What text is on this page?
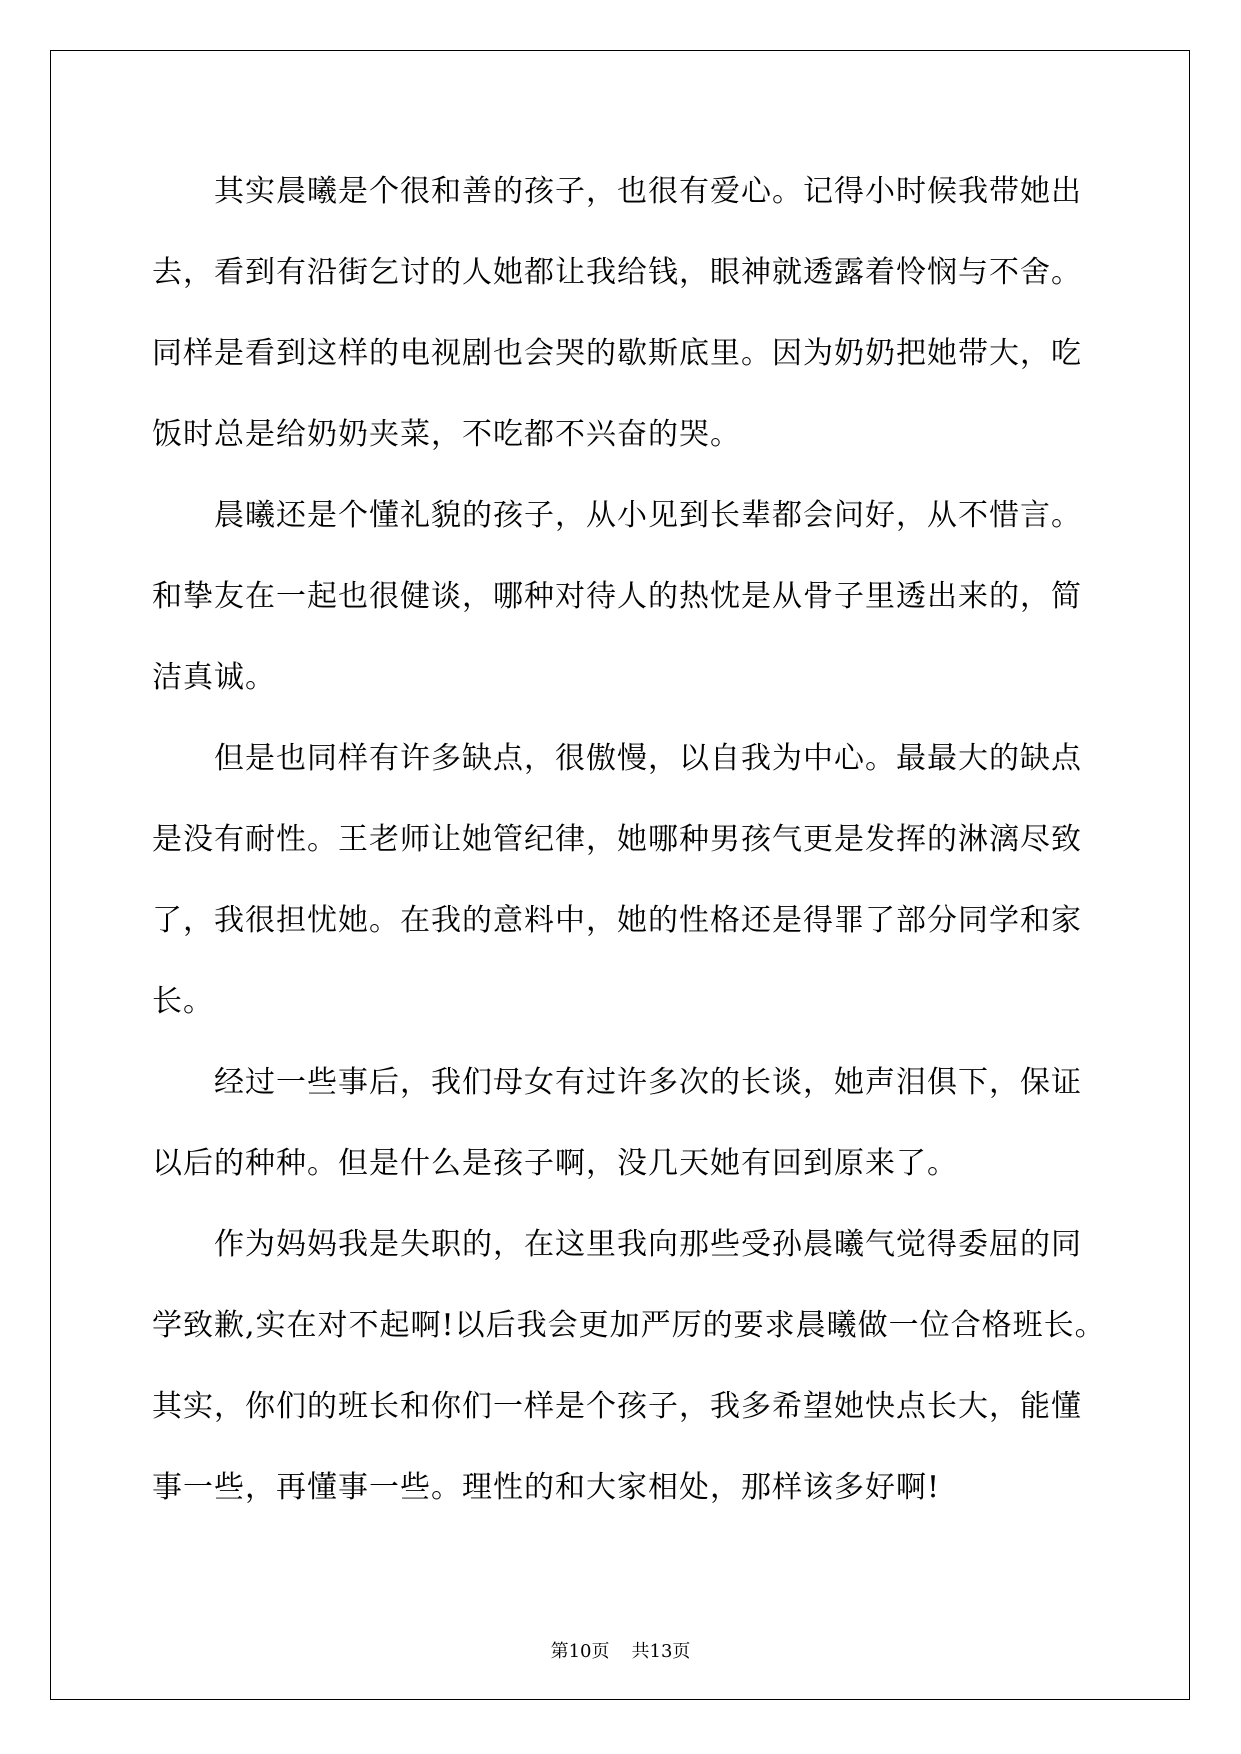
其实晨曦是个很和善的孩子，也很有爱心。记得小时候我带她出
去，看到有沿街乞讨的人她都让我给钱，眼神就透露着怜悯与不舍。
同样是看到这样的电视剧也会哭的歇斯底里。因为奶奶把她带大，吃
饭时总是给奶奶夹菜，不吃都不兴奋的哭。
晨曦还是个懂礼貌的孩子，从小见到长辈都会问好，从不惜言。
和挚友在一起也很健谈，哪种对待人的热忱是从骨子里透出来的，简
洁真诚。
但是也同样有许多缺点，很傲慢，以自我为中心。最最大的缺点
是没有耐性。王老师让她管纪律，她哪种男孩气更是发挥的淋漓尽致
了，我很担忧她。在我的意料中，她的性格还是得罪了部分同学和家
长。
经过一些事后，我们母女有过许多次的长谈，她声泪俱下，保证
以后的种种。但是什么是孩子啊，没几天她有回到原来了。
作为妈妈我是失职的，在这里我向那些受孙晨曦气觉得委屈的同
学致歉,实在对不起啊!以后我会更加严厉的要求晨曦做一位合格班长。
其实，你们的班长和你们一样是个孩子，我多希望她快点长大，能懂
事一些，再懂事一些。理性的和大家相处，那样该多好啊!
第10页 共13页
